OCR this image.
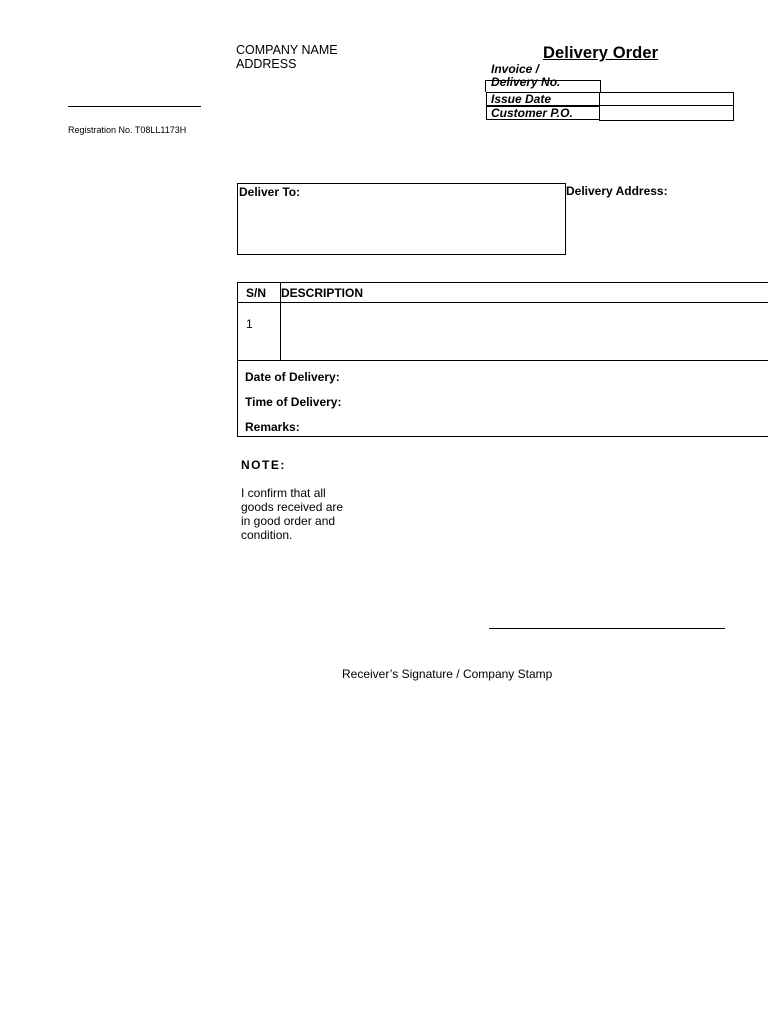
COMPANY NAME
ADDRESS
Delivery Order
Registration No. T08LL1173H
Invoice /
Delivery No.
Issue Date
Customer P.O.
Deliver To:	Delivery Address:
S/N DESCRIPTION
1
Date of Delivery:
Time of Delivery:
Remarks:
NOTE:
I confirm that all goods received are in good order and condition.
Receiver’s Signature / Company Stamp
